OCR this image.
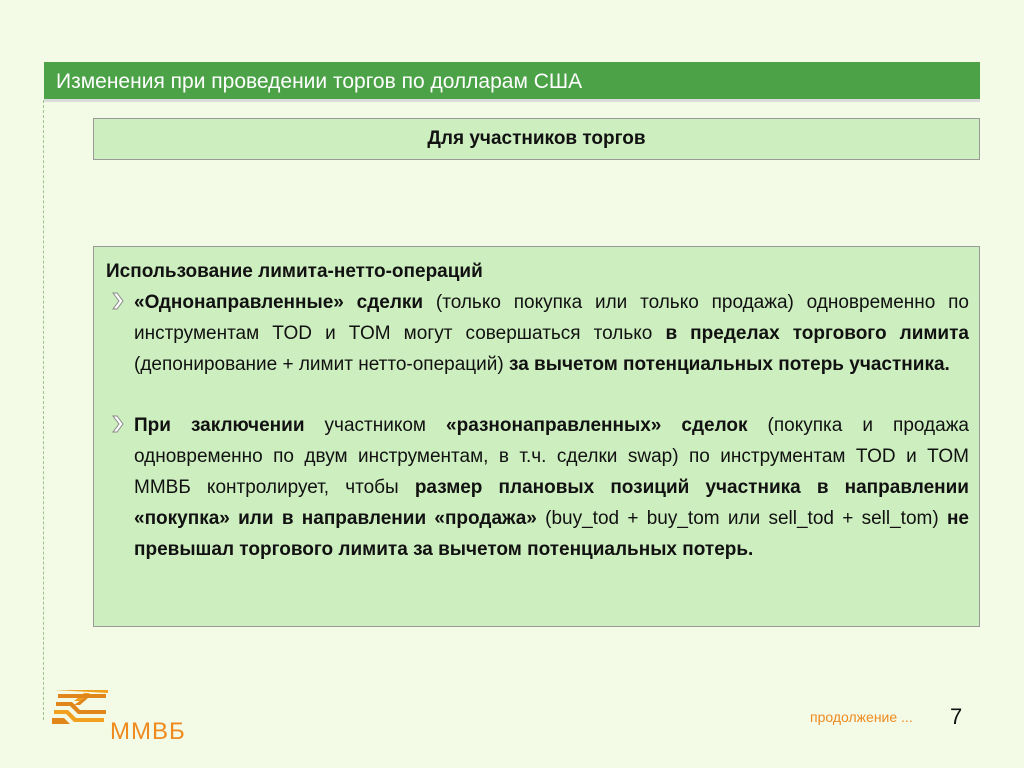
Изменения при проведении торгов по долларам США
Для участников торгов
Использование лимита-нетто-операций
«Однонаправленные» сделки (только покупка или только продажа) одновременно по инструментам TOD и TOM могут совершаться только в пределах торгового лимита (депонирование + лимит нетто-операций) за вычетом потенциальных потерь участника.
При заключении участником «разнонаправленных» сделок (покупка и продажа одновременно по двум инструментам, в т.ч. сделки swap) по инструментам TOD и TOM ММВБ контролирует, чтобы размер плановых позиций участника в направлении «покупка» или в направлении «продажа» (buy_tod + buy_tom или sell_tod + sell_tom) не превышал торгового лимита за вычетом потенциальных потерь.
ММВБ
продолжение ... 7
